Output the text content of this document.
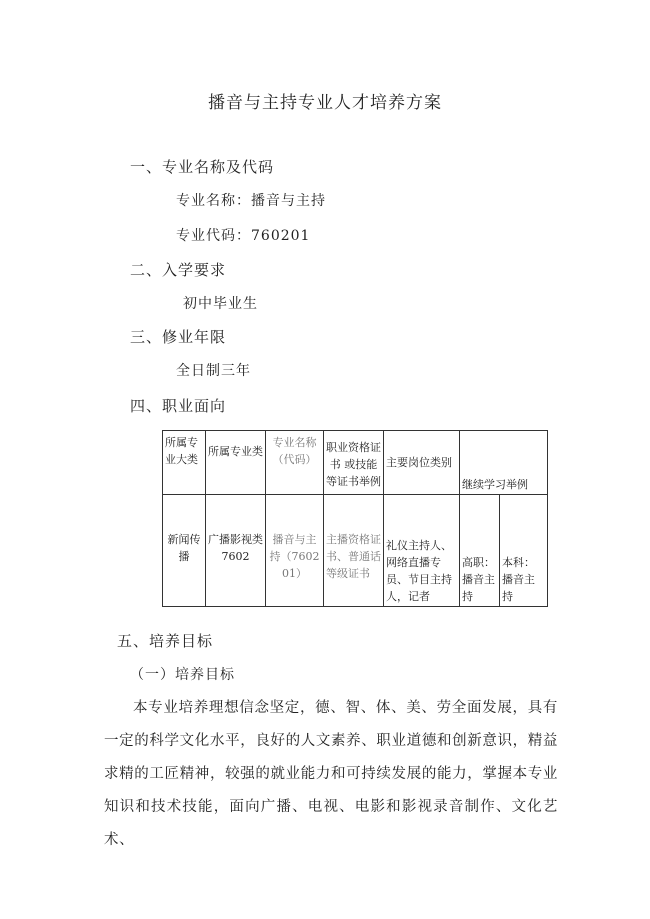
播音与主持专业人才培养方案
一、专业名称及代码
专业名称：播音与主持
专业代码：760201
二、入学要求
初中毕业生
三、修业年限
全日制三年
四、职业面向
所属专业大类	所属专业类	专业名称（代码）	职业资格证书 或技能等证书举例	主要岗位类别	继续学习举例	
新闻传播	广播影视类7602	播音与主持（760201）	主播资格证书、普通话等级证书	礼仪主持人、网络直播专员、节目主持人，记者	高职：播音主持	本科：播音主持
五、培养目标
（一）培养目标

本专业培养理想信念坚定，德、智、体、美、劳全面发展，具有一定的科学文化水平，良好的人文素养、职业道德和创新意识，精益求精的工匠精神，较强的就业能力和可持续发展的能力，掌握本专业知识和技术技能，面向广播、电视、电影和影视录音制作、文化艺术、
